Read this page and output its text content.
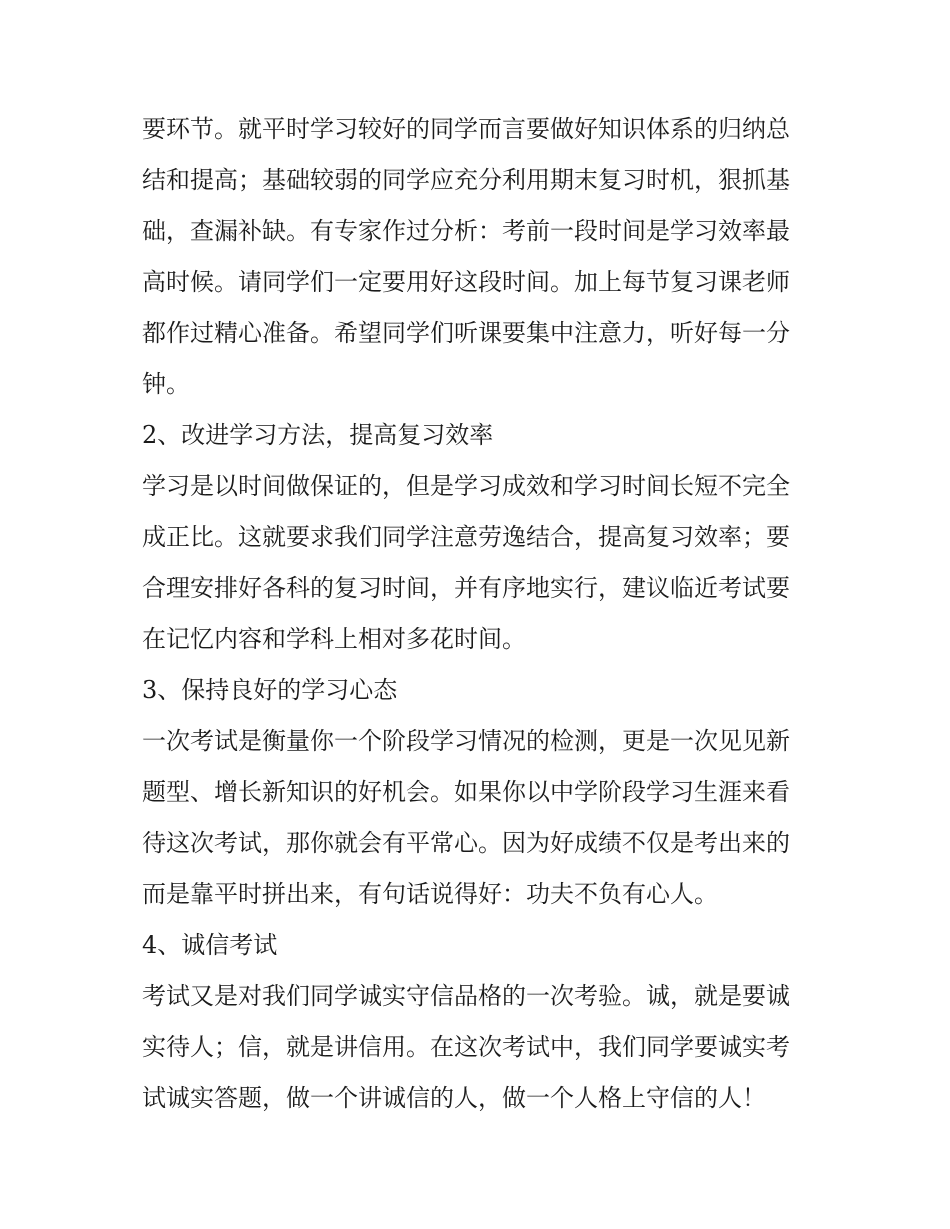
要环节。就平时学习较好的同学而言要做好知识体系的归纳总
结和提高；基础较弱的同学应充分利用期末复习时机，狠抓基
础，查漏补缺。有专家作过分析：考前一段时间是学习效率最
高时候。请同学们一定要用好这段时间。加上每节复习课老师
都作过精心准备。希望同学们听课要集中注意力，听好每一分
钟。
2、改进学习方法，提高复习效率
学习是以时间做保证的，但是学习成效和学习时间长短不完全
成正比。这就要求我们同学注意劳逸结合，提高复习效率；要
合理安排好各科的复习时间，并有序地实行，建议临近考试要
在记忆内容和学科上相对多花时间。
3、保持良好的学习心态
一次考试是衡量你一个阶段学习情况的检测，更是一次见见新
题型、增长新知识的好机会。如果你以中学阶段学习生涯来看
待这次考试，那你就会有平常心。因为好成绩不仅是考出来的
而是靠平时拼出来，有句话说得好：功夫不负有心人。
4、诚信考试
考试又是对我们同学诚实守信品格的一次考验。诚，就是要诚
实待人；信，就是讲信用。在这次考试中，我们同学要诚实考
试诚实答题，做一个讲诚信的人，做一个人格上守信的人！
